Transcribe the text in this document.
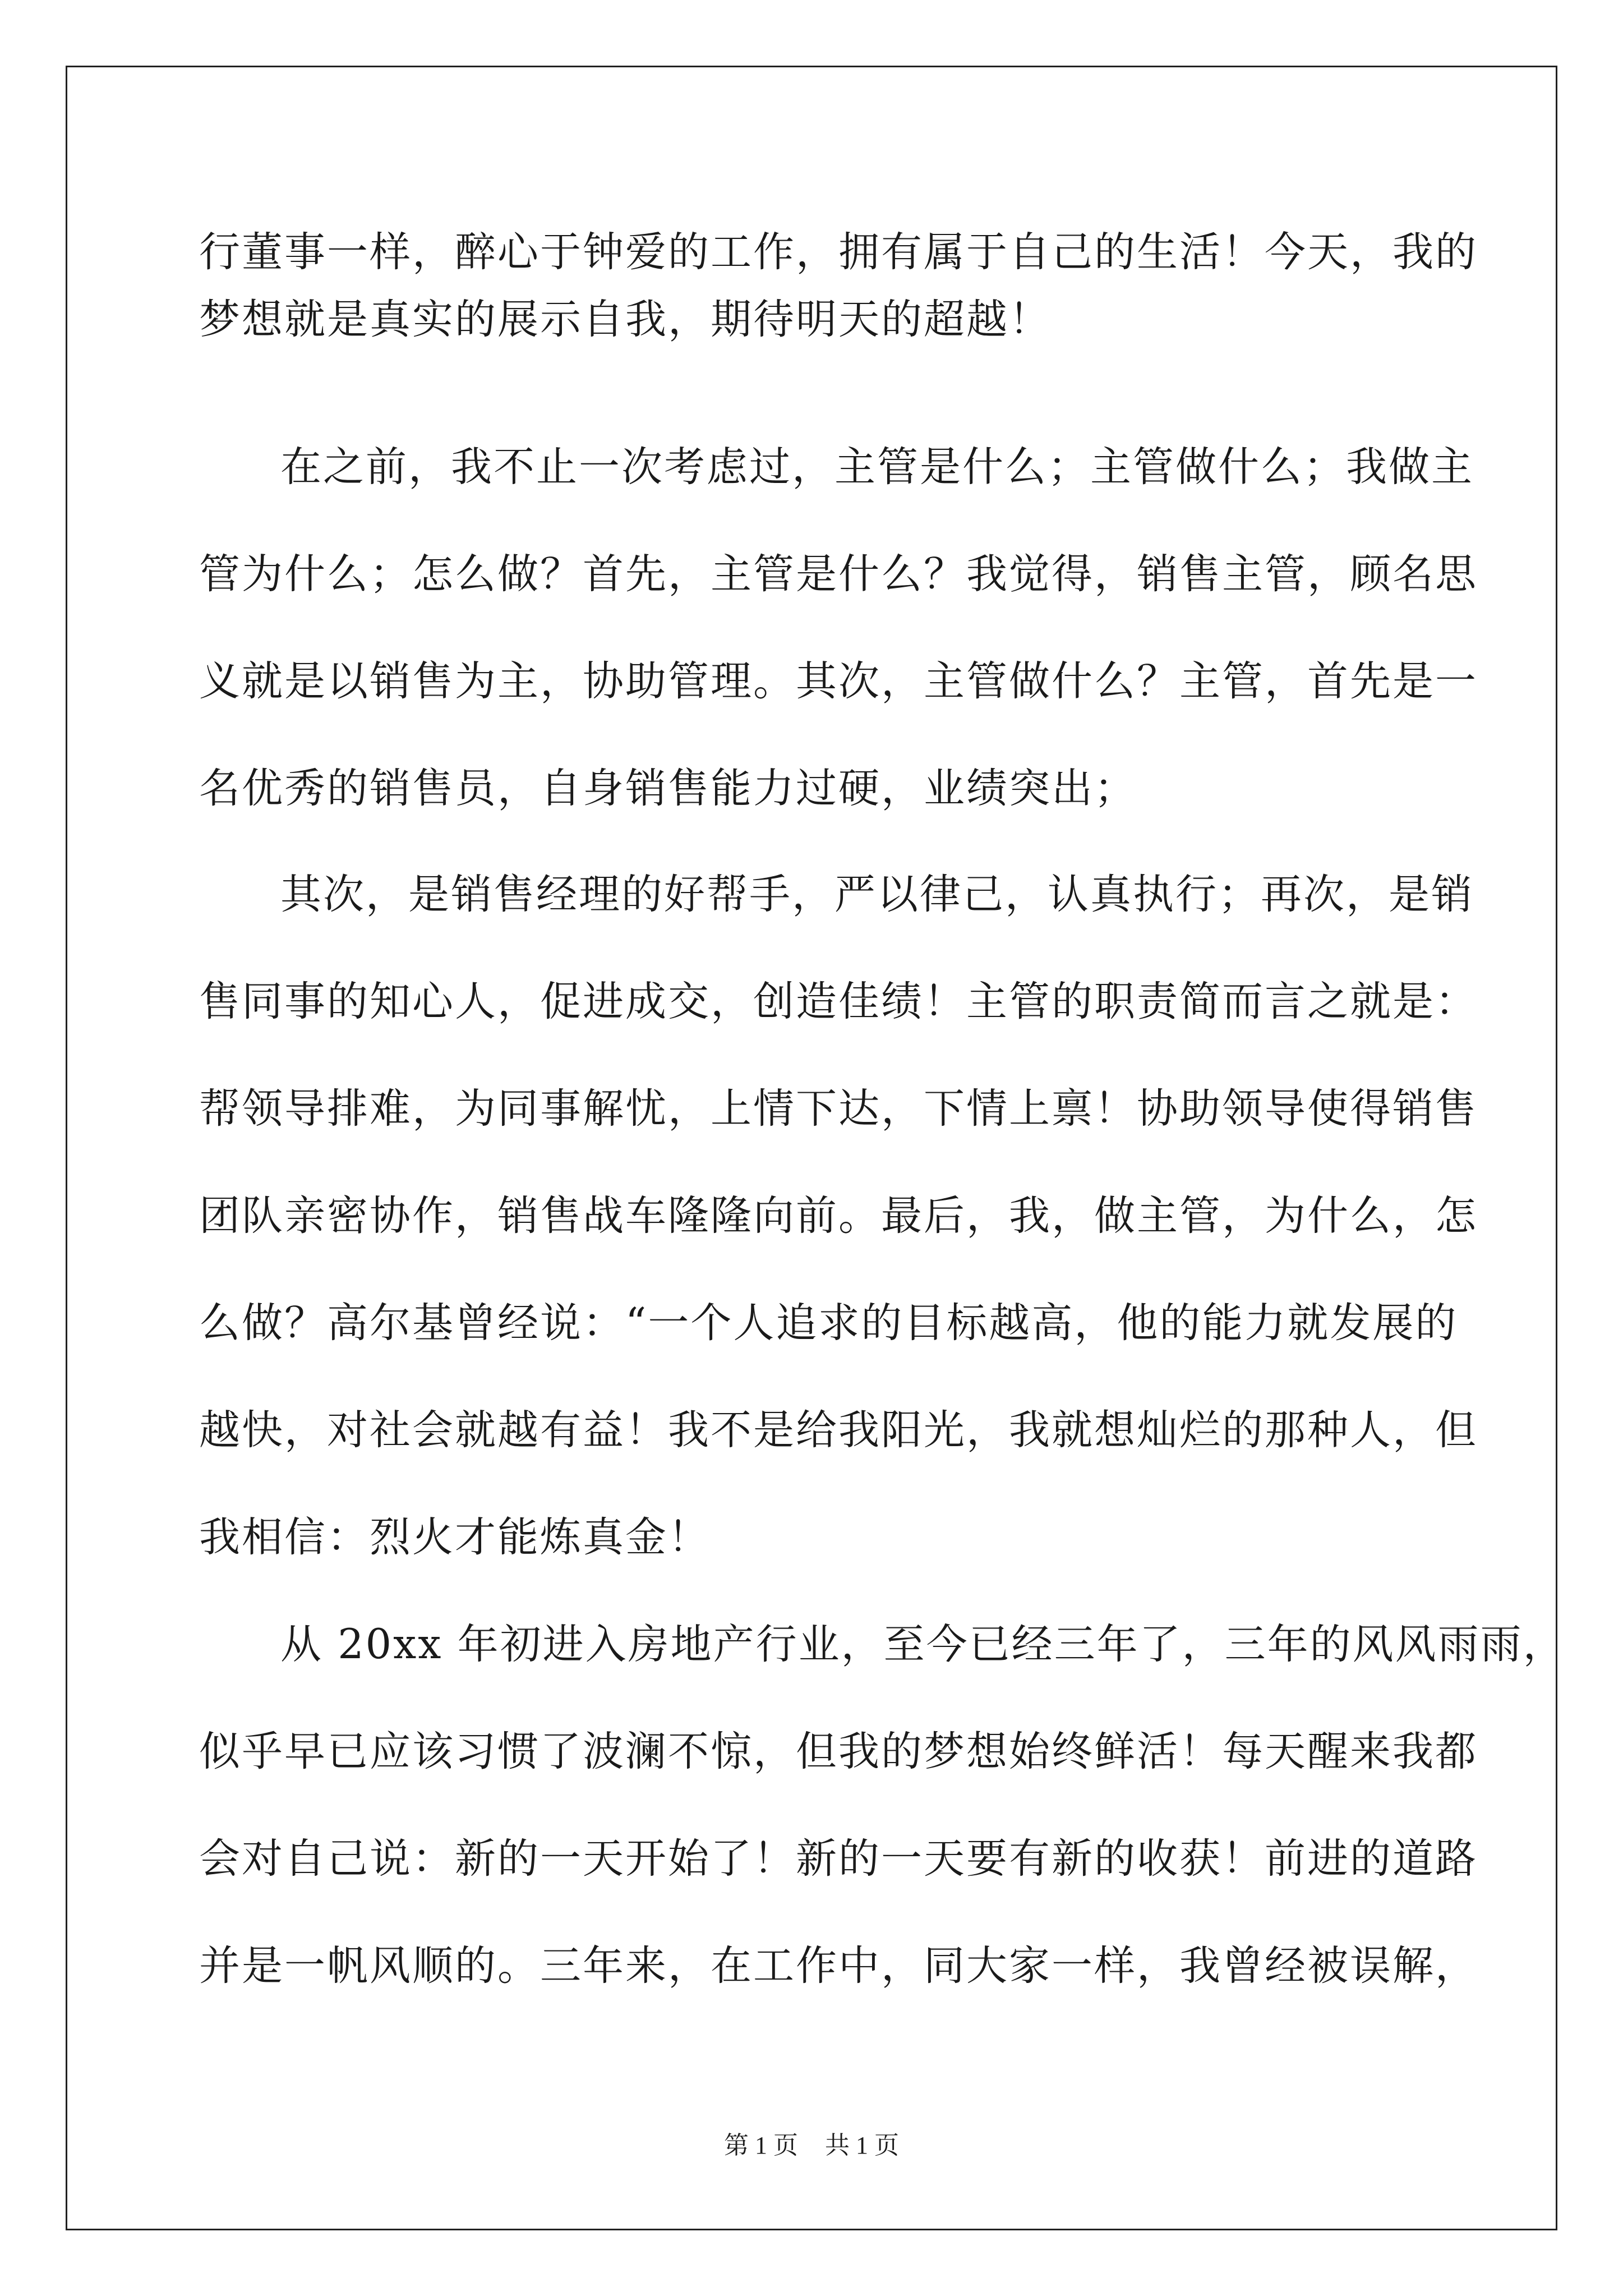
行董事一样，醉心于钟爱的工作，拥有属于自己的生活！今天，我的
梦想就是真实的展示自我，期待明天的超越！
在之前，我不止一次考虑过，主管是什么；主管做什么；我做主
管为什么；怎么做？首先，主管是什么？我觉得，销售主管，顾名思
义就是以销售为主，协助管理。其次，主管做什么？主管，首先是一
名优秀的销售员，自身销售能力过硬，业绩突出；
其次，是销售经理的好帮手，严以律己，认真执行；再次，是销
售同事的知心人，促进成交，创造佳绩！主管的职责简而言之就是：
帮领导排难，为同事解忧，上情下达，下情上禀！协助领导使得销售
团队亲密协作，销售战车隆隆向前。最后，我，做主管，为什么，怎
么做？高尔基曾经说：“一个人追求的目标越高，他的能力就发展的
越快，对社会就越有益！我不是给我阳光，我就想灿烂的那种人，但
我相信：烈火才能炼真金！
从 20xx 年初进入房地产行业，至今已经三年了，三年的风风雨雨，
似乎早已应该习惯了波澜不惊，但我的梦想始终鲜活！每天醒来我都
会对自己说：新的一天开始了！新的一天要有新的收获！前进的道路
并是一帆风顺的。三年来，在工作中，同大家一样，我曾经被误解，
第 1 页 共 1 页
